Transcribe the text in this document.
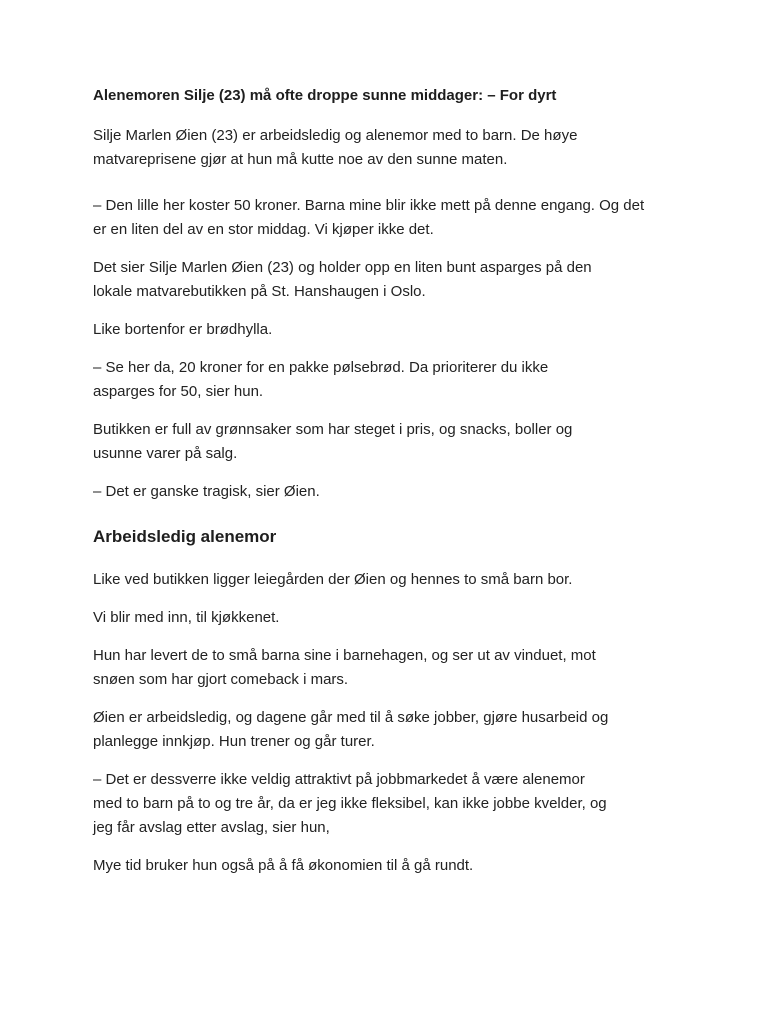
Alenemoren Silje (23) må ofte droppe sunne middager: – For dyrt
Silje Marlen Øien (23) er arbeidsledig og alenemor med to barn. De høye
matvareprisene gjør at hun må kutte noe av den sunne maten.
– Den lille her koster 50 kroner. Barna mine blir ikke mett på denne engang. Og det
er en liten del av en stor middag. Vi kjøper ikke det.
Det sier Silje Marlen Øien (23) og holder opp en liten bunt asparges på den
lokale matvarebutikken på St. Hanshaugen i Oslo.
Like bortenfor er brødhylla.
– Se her da, 20 kroner for en pakke pølsebrød. Da prioriterer du ikke
asparges for 50, sier hun.
Butikken er full av grønnsaker som har steget i pris, og snacks, boller og
usunne varer på salg.
– Det er ganske tragisk, sier Øien.
Arbeidsledig alenemor
Like ved butikken ligger leiegården der Øien og hennes to små barn bor.
Vi blir med inn, til kjøkkenet.
Hun har levert de to små barna sine i barnehagen, og ser ut av vinduet, mot
snøen som har gjort comeback i mars.
Øien er arbeidsledig, og dagene går med til å søke jobber, gjøre husarbeid og
planlegge innkjøp. Hun trener og går turer.
– Det er dessverre ikke veldig attraktivt på jobbmarkedet å være alenemor
med to barn på to og tre år, da er jeg ikke fleksibel, kan ikke jobbe kvelder, og
jeg får avslag etter avslag, sier hun,
Mye tid bruker hun også på å få økonomien til å gå rundt.
